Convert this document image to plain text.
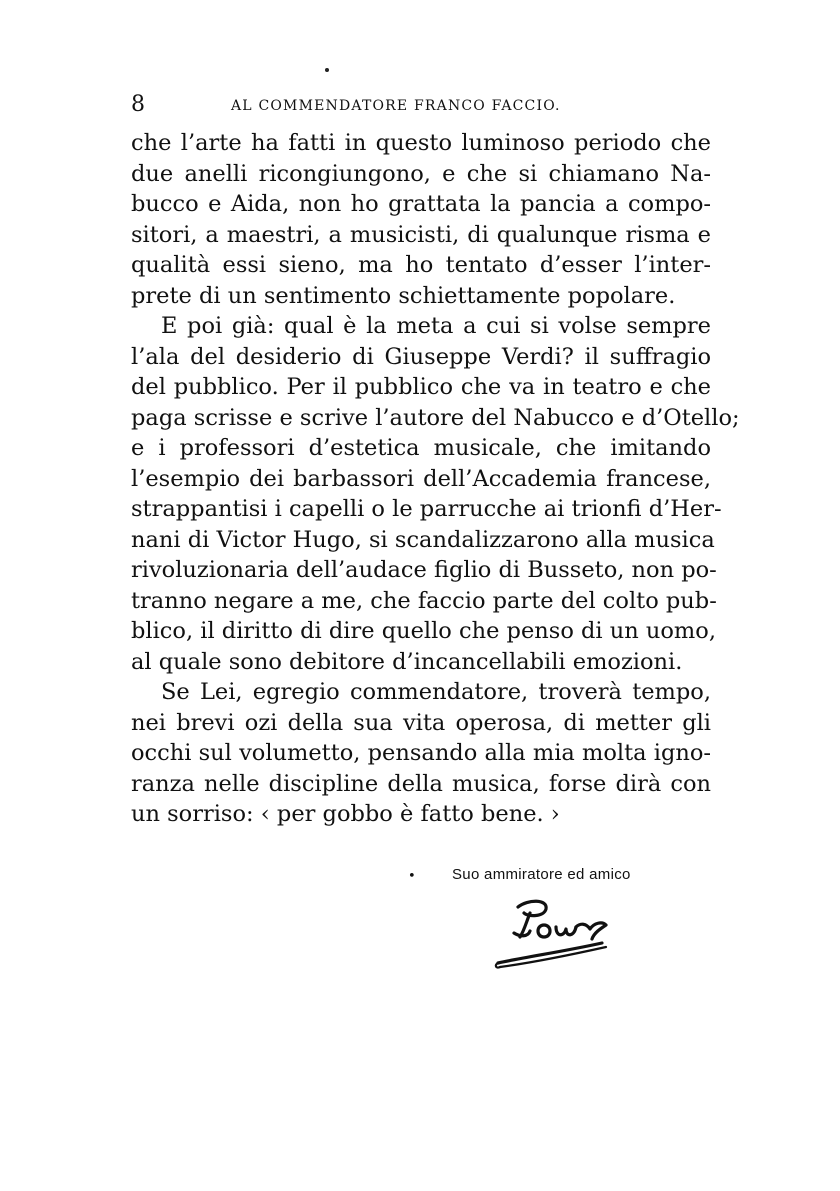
8	AL COMMENDATORE FRANCO FACCIO.
che l’arte ha fatti in questo luminoso periodo che
due anelli ricongiungono, e che si chiamano Na-
bucco e Aida, non ho grattata la pancia a compo-
sitori, a maestri, a musicisti, di qualunque risma e
qualità essi sieno, ma ho tentato d’esser l’inter-
prete di un sentimento schiettamente popolare.
E poi già: qual è la meta a cui si volse sempre
l’ala del desiderio di Giuseppe Verdi? il suffragio
del pubblico. Per il pubblico che va in teatro e che
paga scrisse e scrive l’autore del Nabucco e d’Otello;
e i professori d’estetica musicale, che imitando
l’esempio dei barbassori dell’Accademia francese,
strappantisi i capelli o le parrucche ai trionfi d’Her-
nani di Victor Hugo, si scandalizzarono alla musica
rivoluzionaria dell’audace figlio di Busseto, non po-
tranno negare a me, che faccio parte del colto pub-
blico, il diritto di dire quello che penso di un uomo,
al quale sono debitore d’incancellabili emozioni.
Se Lei, egregio commendatore, troverà tempo,
nei brevi ozi della sua vita operosa, di metter gli
occhi sul volumetto, pensando alla mia molta igno-
ranza nelle discipline della musica, forse dirà con
un sorriso: ‹ per gobbo è fatto bene. ›
• Suo ammiratore ed amico
